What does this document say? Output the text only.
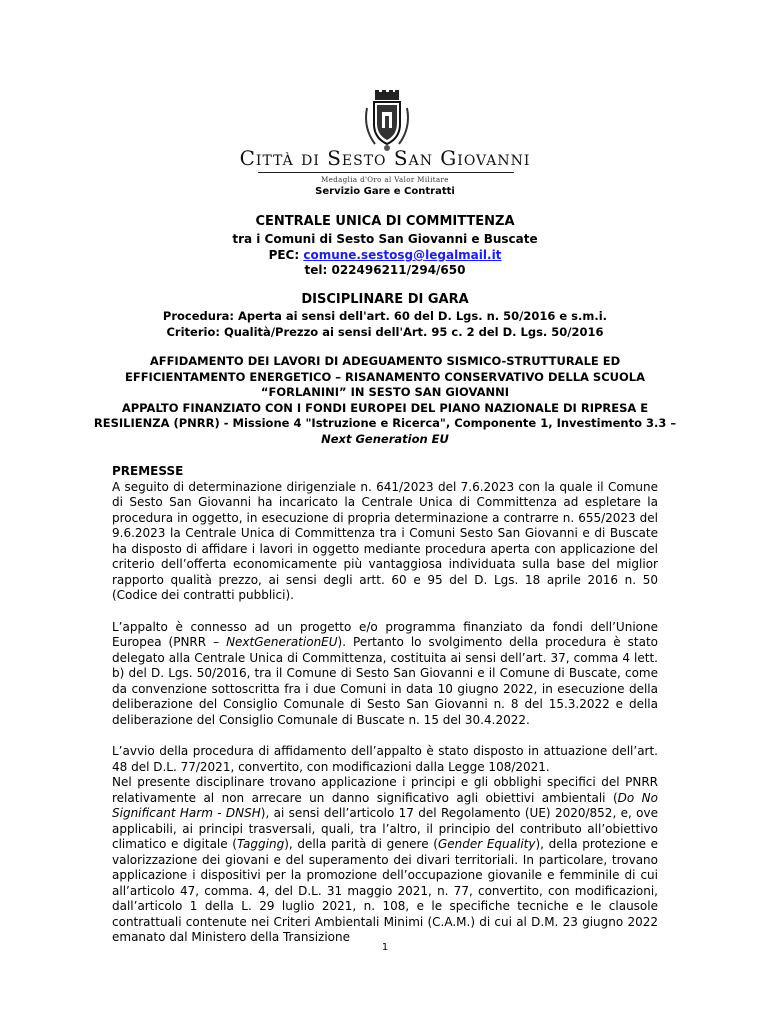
Città di Sesto San Giovanni
Medaglia d'Oro al Valor Militare
Servizio Gare e Contratti
CENTRALE UNICA DI COMMITTENZA
tra i Comuni di Sesto San Giovanni e Buscate
PEC: comune.sestosg@legalmail.it
tel: 022496211/294/650
DISCIPLINARE DI GARA
Procedura: Aperta ai sensi dell'art. 60 del D. Lgs. n. 50/2016 e s.m.i.
Criterio: Qualità/Prezzo ai sensi dell'Art. 95 c. 2 del D. Lgs. 50/2016
AFFIDAMENTO DEI LAVORI DI ADEGUAMENTO SISMICO-STRUTTURALE ED
EFFICIENTAMENTO ENERGETICO – RISANAMENTO CONSERVATIVO DELLA SCUOLA
“FORLANINI” IN SESTO SAN GIOVANNI
APPALTO FINANZIATO CON I FONDI EUROPEI DEL PIANO NAZIONALE DI RIPRESA E
RESILIENZA (PNRR) - Missione 4 "Istruzione e Ricerca", Componente 1, Investimento 3.3 –
Next Generation EU
PREMESSE

A seguito di determinazione dirigenziale n. 641/2023 del 7.6.2023 con la quale il Comune di Sesto San Giovanni ha incaricato la Centrale Unica di Committenza ad espletare la procedura in oggetto, in esecuzione di propria determinazione a contrarre n. 655/2023 del 9.6.2023 la Centrale Unica di Committenza tra i Comuni Sesto San Giovanni e di Buscate ha disposto di affidare i lavori in oggetto mediante procedura aperta con applicazione del criterio dell’offerta economicamente più vantaggiosa individuata sulla base del miglior rapporto qualità prezzo, ai sensi degli artt. 60 e 95 del D. Lgs. 18 aprile 2016 n. 50 (Codice dei contratti pubblici).

L’appalto è connesso ad un progetto e/o programma finanziato da fondi dell’Unione Europea (PNRR – NextGenerationEU). Pertanto lo svolgimento della procedura è stato delegato alla Centrale Unica di Committenza, costituita ai sensi dell’art. 37, comma 4 lett. b) del D. Lgs. 50/2016, tra il Comune di Sesto San Giovanni e il Comune di Buscate, come da convenzione sottoscritta fra i due Comuni in data 10 giugno 2022, in esecuzione della deliberazione del Consiglio Comunale di Sesto San Giovanni n. 8 del 15.3.2022 e della deliberazione del Consiglio Comunale di Buscate n. 15 del 30.4.2022.

L’avvio della procedura di affidamento dell’appalto è stato disposto in attuazione dell’art. 48 del D.L. 77/2021, convertito, con modificazioni dalla Legge 108/2021.

Nel presente disciplinare trovano applicazione i principi e gli obblighi specifici del PNRR relativamente al non arrecare un danno significativo agli obiettivi ambientali (Do No Significant Harm - DNSH), ai sensi dell’articolo 17 del Regolamento (UE) 2020/852, e, ove applicabili, ai principi trasversali, quali, tra l’altro, il principio del contributo all’obiettivo climatico e digitale (Tagging), della parità di genere (Gender Equality), della protezione e valorizzazione dei giovani e del superamento dei divari territoriali. In particolare, trovano applicazione i dispositivi per la promozione dell’occupazione giovanile e femminile di cui all’articolo 47, comma. 4, del D.L. 31 maggio 2021, n. 77, convertito, con modificazioni, dall’articolo 1 della L. 29 luglio 2021, n. 108, e le specifiche tecniche e le clausole contrattuali contenute nei Criteri Ambientali Minimi (C.A.M.) di cui al D.M. 23 giugno 2022 emanato dal Ministero della Transizione

1
